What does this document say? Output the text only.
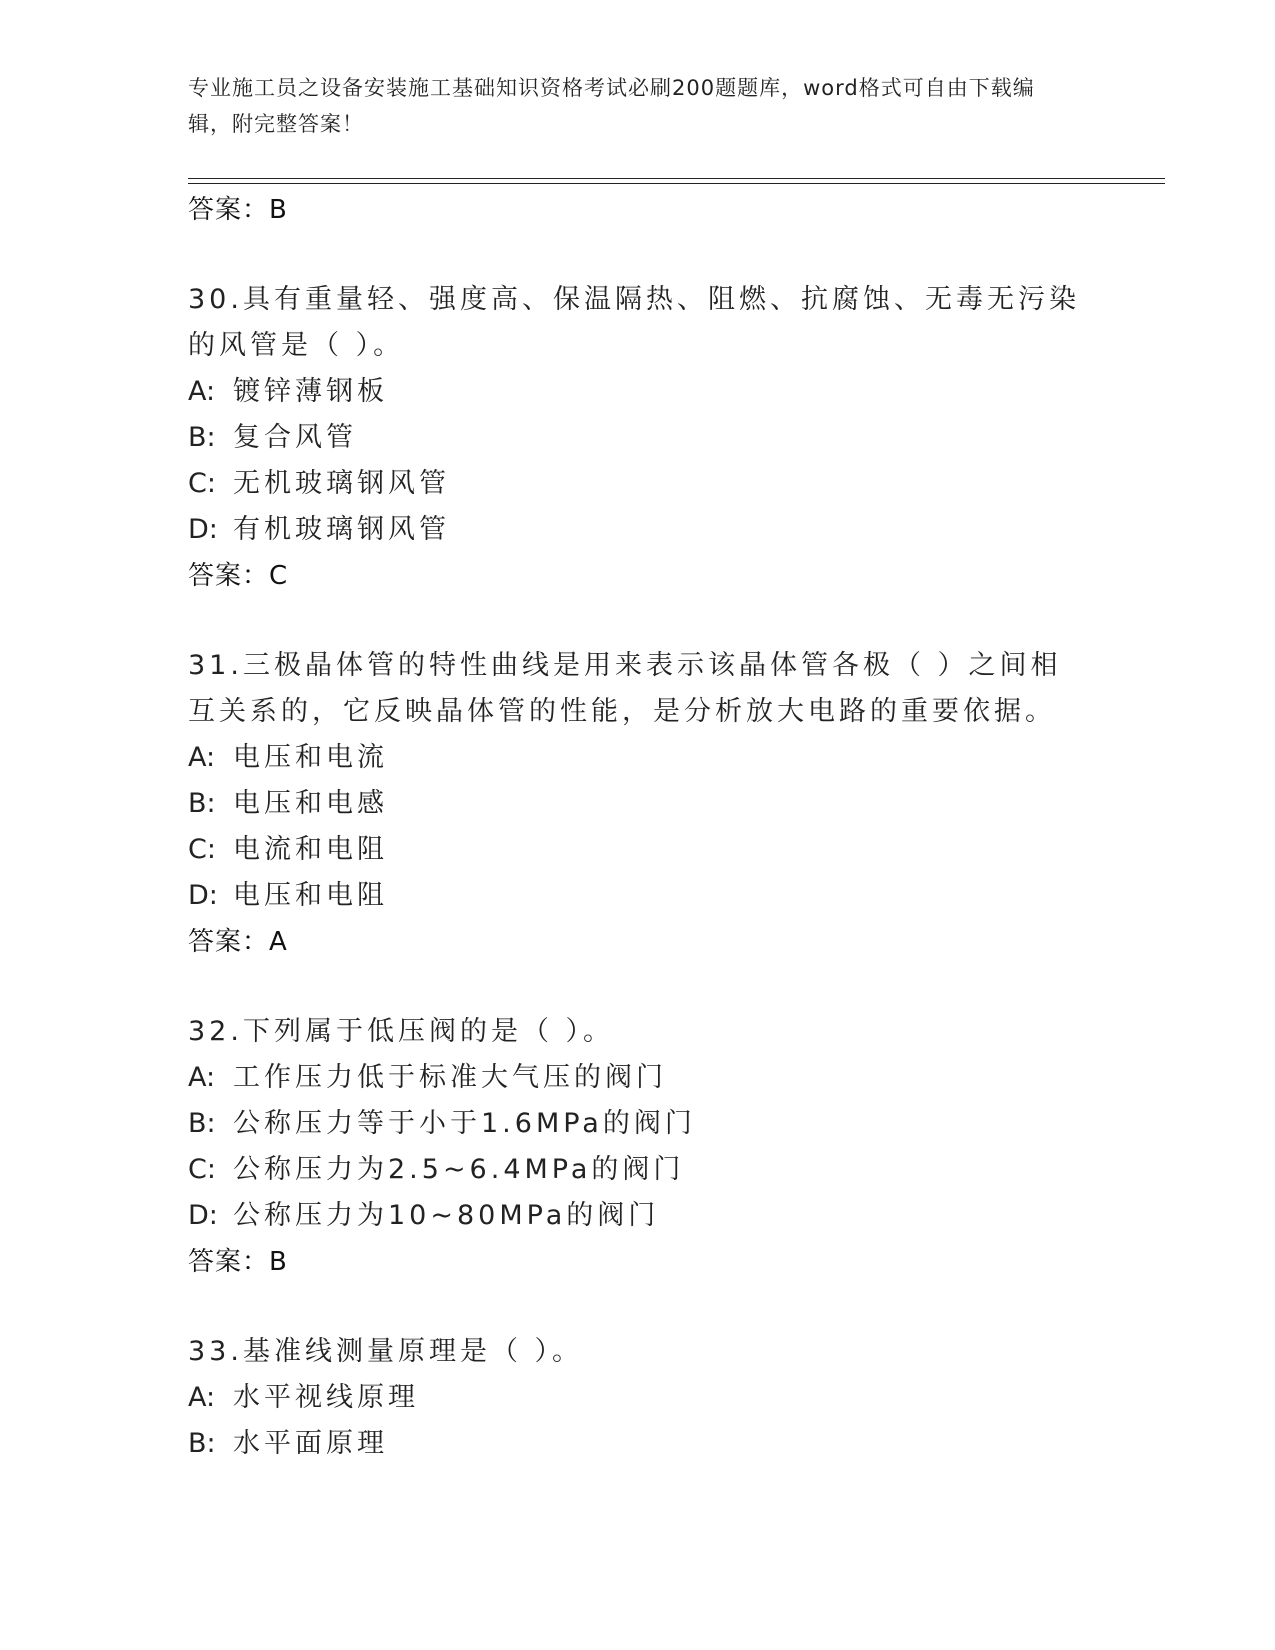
专业施工员之设备安装施工基础知识资格考试必刷200题题库，word格式可自由下载编辑，附完整答案！

答案：B

30.具有重量轻、强度高、保温隔热、阻燃、抗腐蚀、无毒无污染的风管是（ ）。

A: 镀锌薄钢板

B: 复合风管

C: 无机玻璃钢风管

D: 有机玻璃钢风管

答案：C

31.三极晶体管的特性曲线是用来表示该晶体管各极（ ）之间相互关系的，它反映晶体管的性能，是分析放大电路的重要依据。

A: 电压和电流

B: 电压和电感

C: 电流和电阻

D: 电压和电阻

答案：A

32.下列属于低压阀的是（ ）。

A: 工作压力低于标准大气压的阀门

B: 公称压力等于小于1.6MPa的阀门

C: 公称压力为2.5~6.4MPa的阀门

D: 公称压力为10~80MPa的阀门

答案：B

33.基准线测量原理是（ ）。

A: 水平视线原理

B: 水平面原理
